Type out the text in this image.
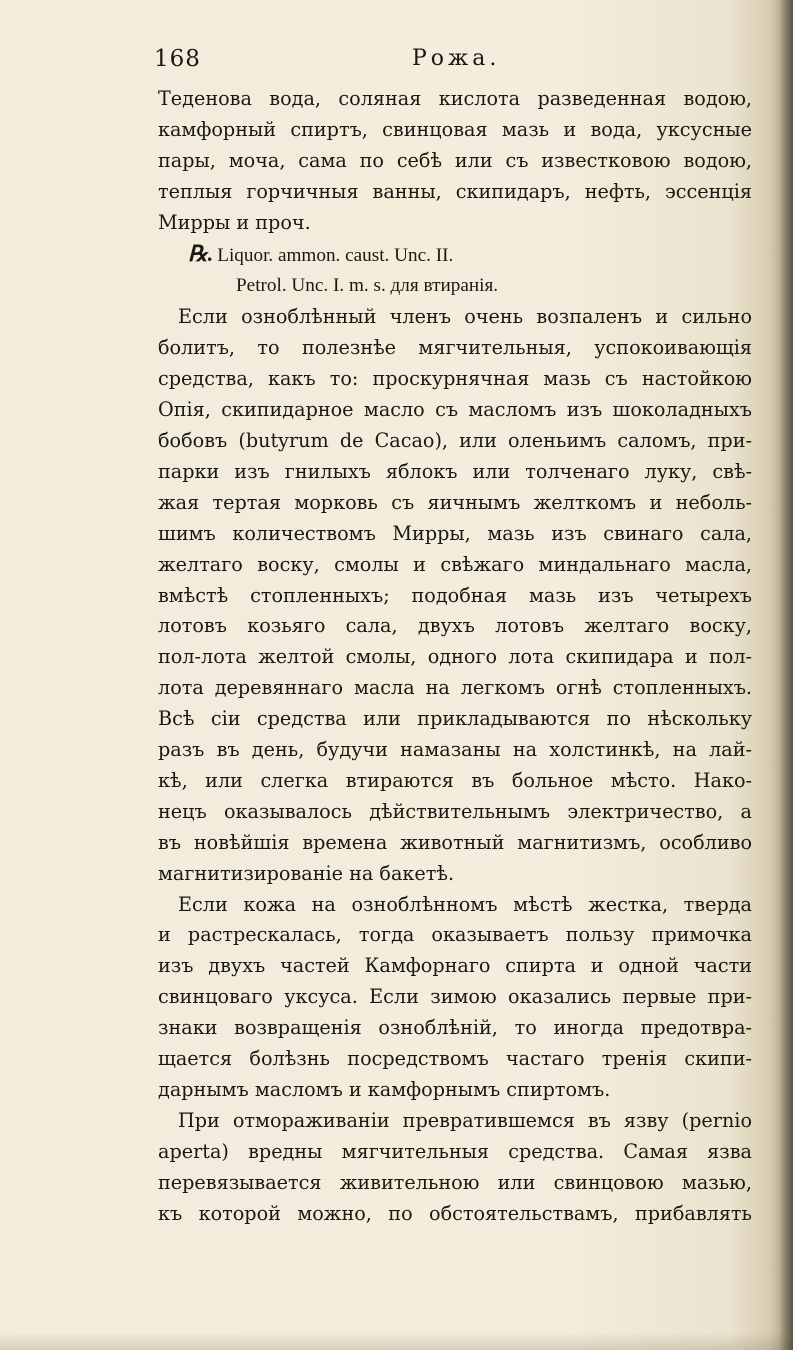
168	Рожа.
Теденова вода, соляная кислота разведенная водою,
камфорный спиртъ, свинцовая мазь и вода, уксусные
пары, моча, сама по себѣ или съ известковою водою,
теплыя горчичныя ванны, скипидаръ, нефть, эссенція
Мирры и проч.
℞. Liquor. ammon. caust. Unc. II.
Petrol. Unc. I. m. s. для втиранія.
Если озноблѣнный членъ очень возпаленъ и сильно
болитъ, то полезнѣе мягчительныя, успокоивающія
средства, какъ то: проскурнячная мазь съ настойкою
Опія, скипидарное масло съ масломъ изъ шоколадныхъ
бобовъ (butyrum de Cacao), или оленьимъ саломъ, при-
парки изъ гнилыхъ яблокъ или толченаго луку, свѣ-
жая тертая морковь съ яичнымъ желткомъ и неболь-
шимъ количествомъ Мирры, мазь изъ свинаго сала,
желтаго воску, смолы и свѣжаго миндальнаго масла,
вмѣстѣ стопленныхъ; подобная мазь изъ четырехъ
лотовъ козьяго сала, двухъ лотовъ желтаго воску,
пол-лота желтой смолы, одного лота скипидара и пол-
лота деревяннаго масла на легкомъ огнѣ стопленныхъ.
Всѣ сіи средства или прикладываются по нѣскольку
разъ въ день, будучи намазаны на холстинкѣ, на лай-
кѣ, или слегка втираются въ больное мѣсто. Нако-
нецъ оказывалось дѣйствительнымъ электричество, а
въ новѣйшія времена животный магнитизмъ, особливо
магнитизированіе на бакетѣ.
Если кожа на озноблѣнномъ мѣстѣ жестка, тверда
и растрескалась, тогда оказываетъ пользу примочка
изъ двухъ частей Камфорнаго спирта и одной части
свинцоваго уксуса. Если зимою оказались первые при-
знаки возвращенія озноблѣній, то иногда предотвра-
щается болѣзнь посредствомъ частаго тренія скипи-
дарнымъ масломъ и камфорнымъ спиртомъ.
При отмораживаніи превратившемся въ язву (pernio
aperta) вредны мягчительныя средства. Самая язва
перевязывается живительною или свинцовою мазью,
къ которой можно, по обстоятельствамъ, прибавлять
